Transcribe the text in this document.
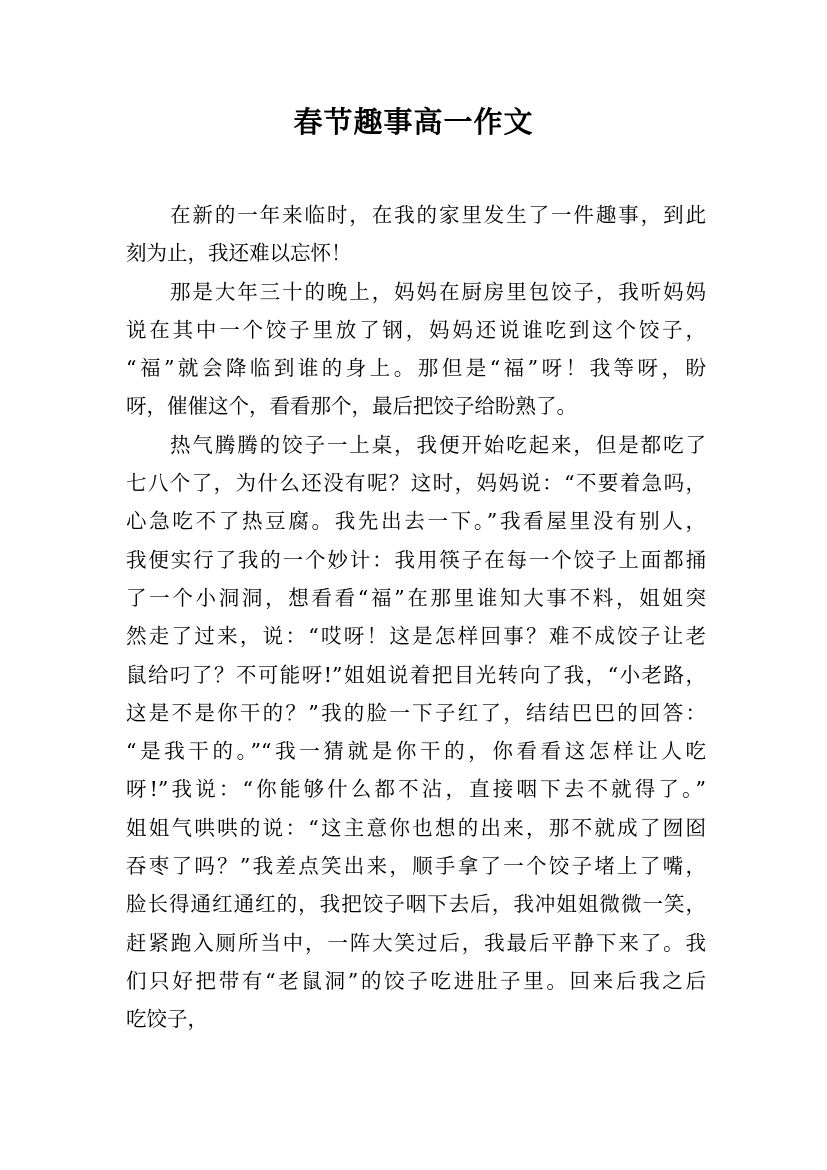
春节趣事高一作文
在新的一年来临时，在我的家里发生了一件趣事，到此
刻为止，我还难以忘怀！
那是大年三十的晚上，妈妈在厨房里包饺子，我听妈妈
说在其中一个饺子里放了钢，妈妈还说谁吃到这个饺子，
“福”就会降临到谁的身上。那但是“福”呀！我等呀，盼
呀，催催这个，看看那个，最后把饺子给盼熟了。
热气腾腾的饺子一上桌，我便开始吃起来，但是都吃了
七八个了，为什么还没有呢？这时，妈妈说：“不要着急吗，
心急吃不了热豆腐。我先出去一下。”我看屋里没有别人，
我便实行了我的一个妙计：我用筷子在每一个饺子上面都捅
了一个小洞洞，想看看“福”在那里谁知大事不料，姐姐突
然走了过来，说：“哎呀！这是怎样回事？难不成饺子让老
鼠给叼了？不可能呀!”姐姐说着把目光转向了我，“小老路，
这是不是你干的？”我的脸一下子红了，结结巴巴的回答：
“是我干的。”“我一猜就是你干的，你看看这怎样让人吃
呀!”我说：“你能够什么都不沾，直接咽下去不就得了。”
姐姐气哄哄的说：“这主意你也想的出来，那不就成了囫囵
吞枣了吗？”我差点笑出来，顺手拿了一个饺子堵上了嘴，
脸长得通红通红的，我把饺子咽下去后，我冲姐姐微微一笑，
赶紧跑入厕所当中，一阵大笑过后，我最后平静下来了。我
们只好把带有“老鼠洞”的饺子吃进肚子里。回来后我之后
吃饺子，
